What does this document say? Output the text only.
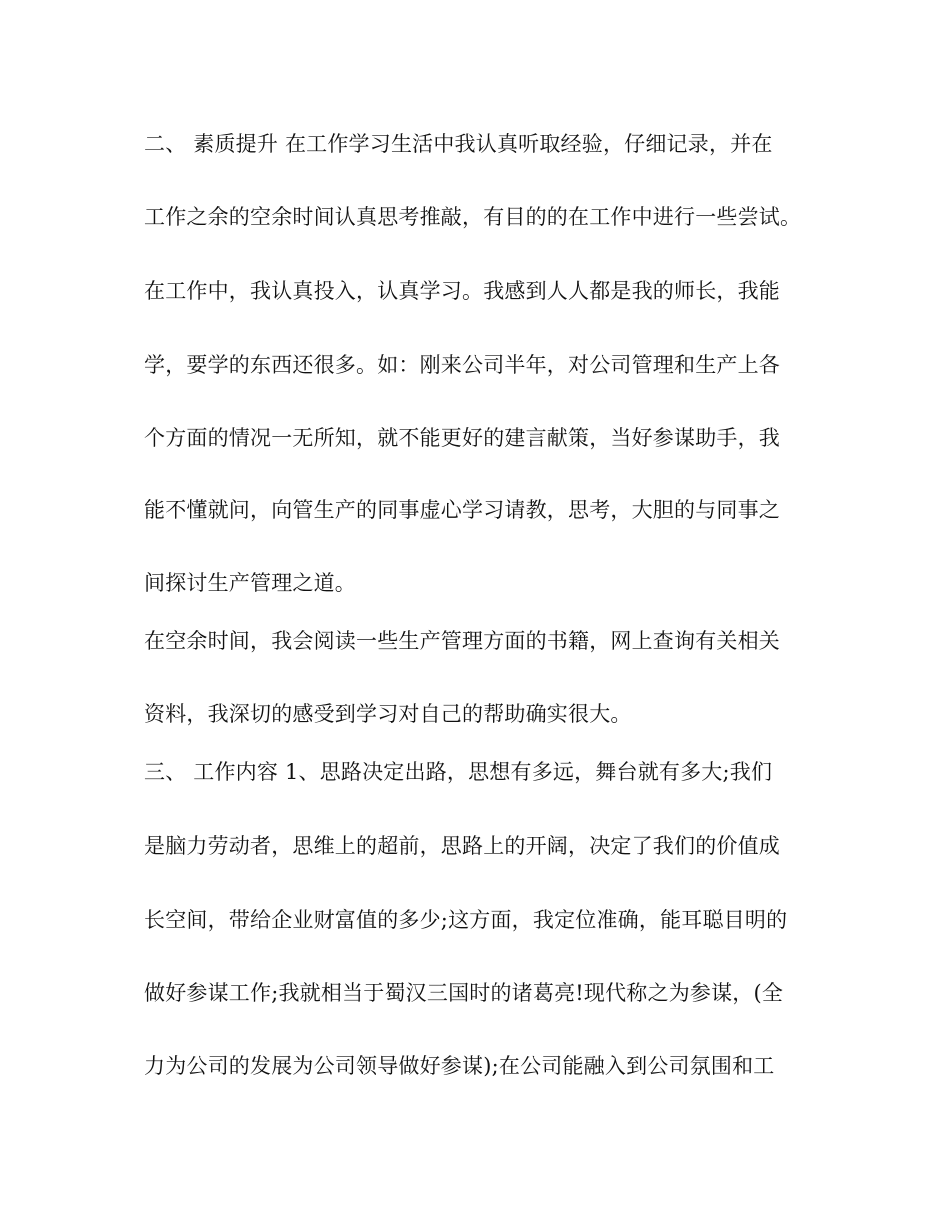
二、 素质提升 在工作学习生活中我认真听取经验，仔细记录，并在
工作之余的空余时间认真思考推敲，有目的的在工作中进行一些尝试。
在工作中，我认真投入，认真学习。我感到人人都是我的师长，我能
学，要学的东西还很多。如：刚来公司半年，对公司管理和生产上各
个方面的情况一无所知，就不能更好的建言献策，当好参谋助手，我
能不懂就问，向管生产的同事虚心学习请教，思考，大胆的与同事之
间探讨生产管理之道。
在空余时间，我会阅读一些生产管理方面的书籍，网上查询有关相关
资料，我深切的感受到学习对自己的帮助确实很大。
三、 工作内容 1、思路决定出路，思想有多远，舞台就有多大;我们
是脑力劳动者，思维上的超前，思路上的开阔，决定了我们的价值成
长空间，带给企业财富值的多少;这方面，我定位准确，能耳聪目明的
做好参谋工作;我就相当于蜀汉三国时的诸葛亮!现代称之为参谋，(全
力为公司的发展为公司领导做好参谋);在公司能融入到公司氛围和工
